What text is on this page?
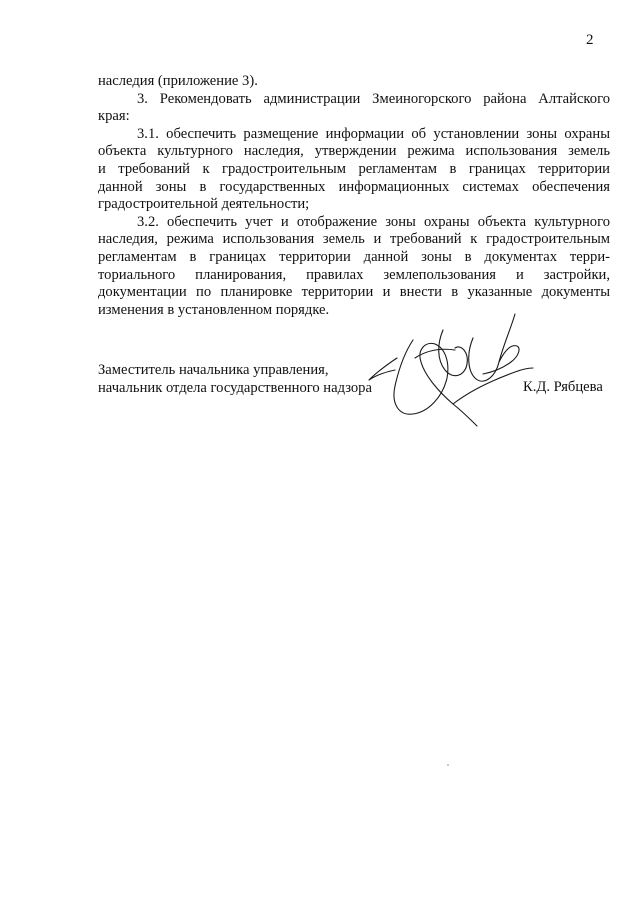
2
наследия (приложение 3).
3. Рекомендовать администрации Змеиногорского района Алтайского
края:
3.1. обеспечить размещение информации об установлении зоны охраны
объекта культурного наследия, утверждении режима использования земель
и требований к градостроительным регламентам в границах территории
данной зоны в государственных информационных системах обеспечения
градостроительной деятельности;
3.2. обеспечить учет и отображение зоны охраны объекта культурного
наследия, режима использования земель и требований к градостроительным
регламентам в границах территории данной зоны в документах терри-
ториального планирования, правилах землепользования и застройки,
документации по планировке территории и внести в указанные документы
изменения в установленном порядке.
Заместитель начальника управления,
начальник отдела государственного надзора	К.Д. Рябцева
